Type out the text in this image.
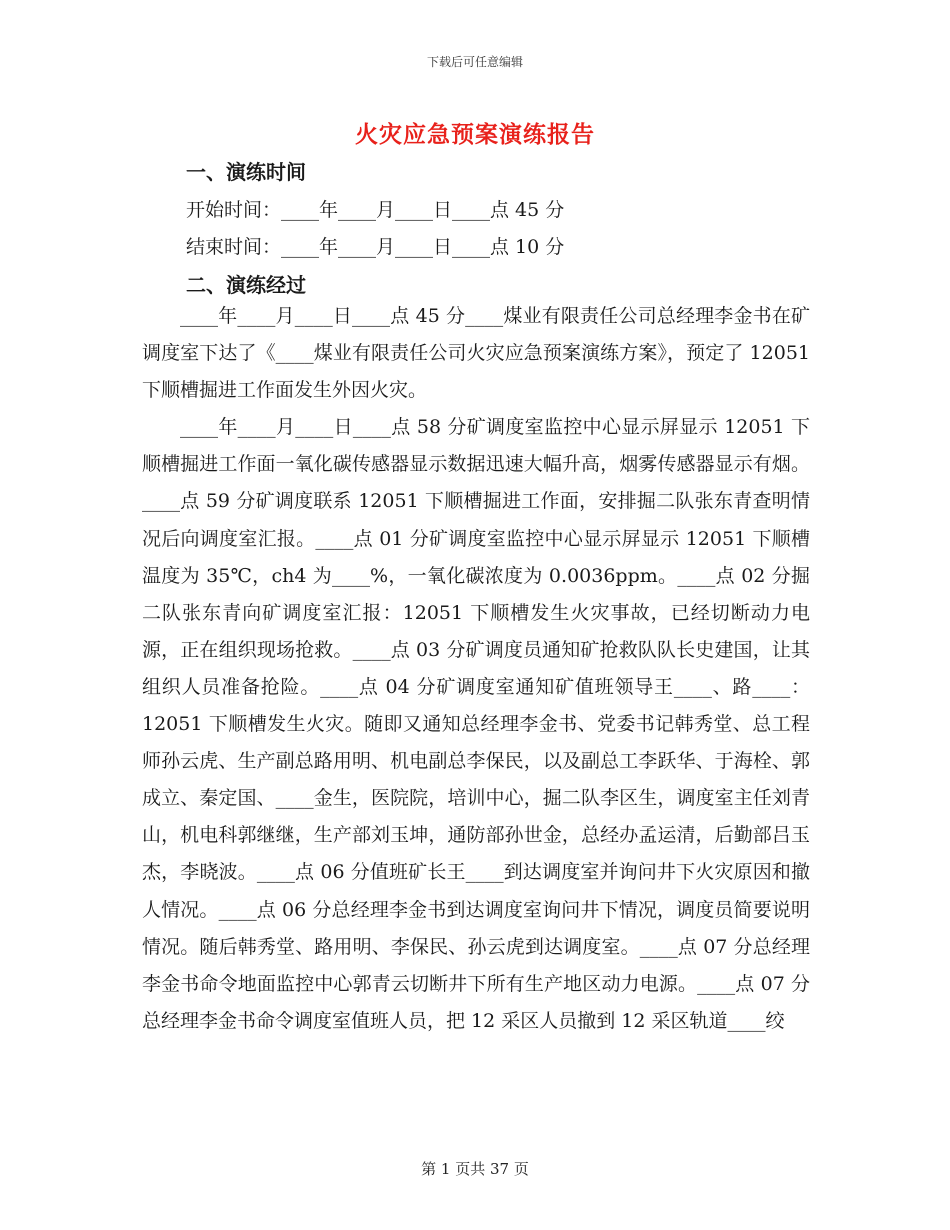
下载后可任意编辑
火灾应急预案演练报告
一、演练时间
开始时间：____年____月____日____点 45 分
结束时间：____年____月____日____点 10 分
二、演练经过

____年____月____日____点 45 分____煤业有限责任公司总经理李金书在矿调度室下达了《____煤业有限责任公司火灾应急预案演练方案》，预定了 12051 下顺槽掘进工作面发生外因火灾。

____年____月____日____点 58 分矿调度室监控中心显示屏显示 12051 下顺槽掘进工作面一氧化碳传感器显示数据迅速大幅升高，烟雾传感器显示有烟。____点 59 分矿调度联系 12051 下顺槽掘进工作面，安排掘二队张东青查明情况后向调度室汇报。____点 01 分矿调度室监控中心显示屏显示 12051 下顺槽温度为 35℃，ch4 为____%，一氧化碳浓度为 0.0036ppm。____点 02 分掘二队张东青向矿调度室汇报：12051 下顺槽发生火灾事故，已经切断动力电源，正在组织现场抢救。____点 03 分矿调度员通知矿抢救队队长史建国，让其组织人员准备抢险。____点 04 分矿调度室通知矿值班领导王____、路____：12051 下顺槽发生火灾。随即又通知总经理李金书、党委书记韩秀堂、总工程师孙云虎、生产副总路用明、机电副总李保民，以及副总工李跃华、于海栓、郭成立、秦定国、____金生，医院院，培训中心，掘二队李区生，调度室主任刘青山，机电科郭继继，生产部刘玉坤，通防部孙世金，总经办孟运清，后勤部吕玉杰，李晓波。____点 06 分值班矿长王____到达调度室并询问井下火灾原因和撤人情况。____点 06 分总经理李金书到达调度室询问井下情况，调度员简要说明情况。随后韩秀堂、路用明、李保民、孙云虎到达调度室。____点 07 分总经理李金书命令地面监控中心郭青云切断井下所有生产地区动力电源。____点 07 分总经理李金书命令调度室值班人员，把 12 采区人员撤到 12 采区轨道____绞

第 1 页共 37 页
